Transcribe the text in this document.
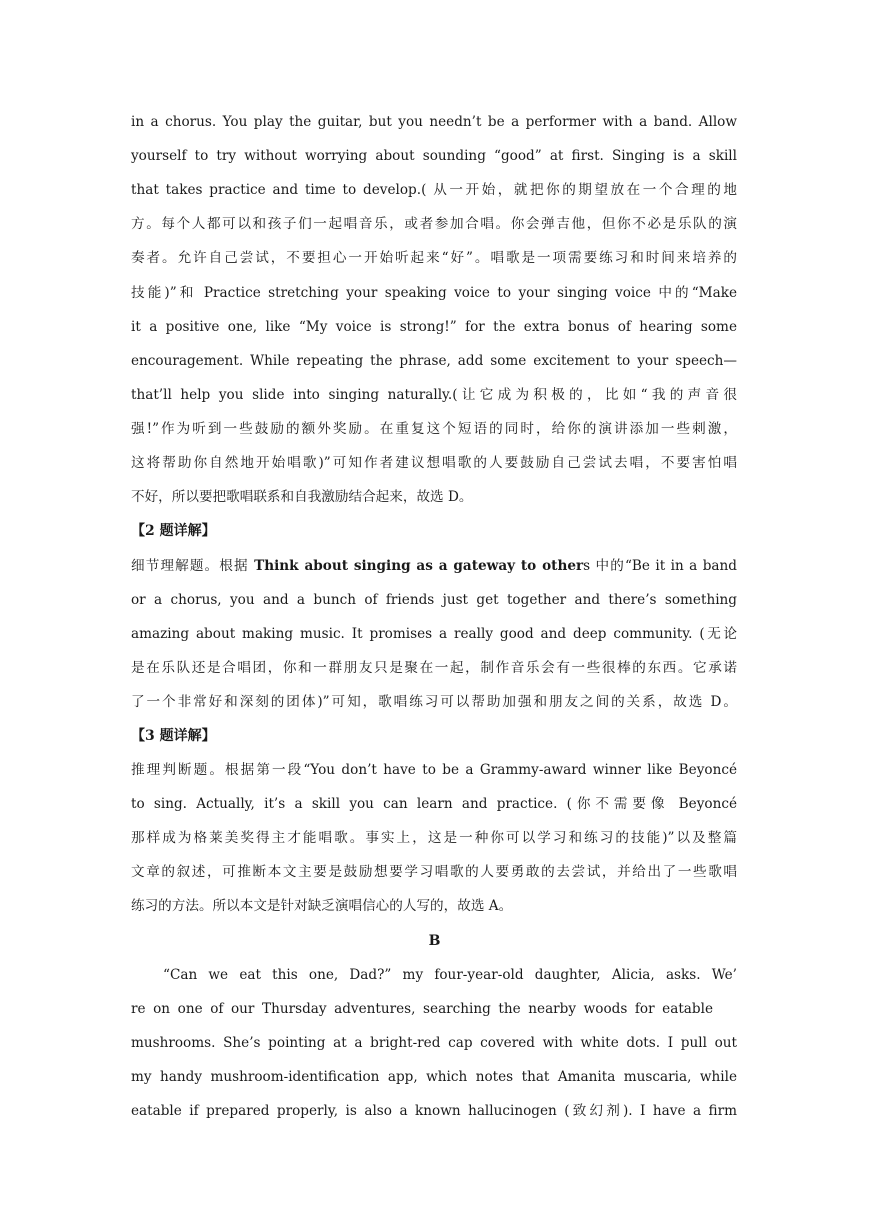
in a chorus. You play the guitar, but you needn’t be a performer with a band. Allow
yourself to try without worrying about sounding “good” at first. Singing is a skill
that takes practice and time to develop.( 从一开始，就把你的期望放在一个合理的地
方。每个人都可以和孩子们一起唱音乐，或者参加合唱。你会弹吉他，但你不必是乐队的演
奏者。允许自己尝试，不要担心一开始听起来“好”。唱歌是一项需要练习和时间来培养的
技能)”和 Practice stretching your speaking voice to your singing voice 中的“Make
it a positive one, like “My voice is strong!” for the extra bonus of hearing some
encouragement. While repeating the phrase, add some excitement to your speech—
that’ll help you slide into singing naturally.(让它成为积极的，比如“我的声音很
强!”作为听到一些鼓励的额外奖励。在重复这个短语的同时，给你的演讲添加一些刺激，
这将帮助你自然地开始唱歌)”可知作者建议想唱歌的人要鼓励自己尝试去唱，不要害怕唱
不好，所以要把歌唱联系和自我激励结合起来，故选 D。
【2 题详解】
细节理解题。根据 Think about singing as a gateway to others 中的“Be it in a band
or a chorus, you and a bunch of friends just get together and there’s something
amazing about making music. It promises a really good and deep community. (无论
是在乐队还是合唱团，你和一群朋友只是聚在一起，制作音乐会有一些很棒的东西。它承诺
了一个非常好和深刻的团体)”可知，歌唱练习可以帮助加强和朋友之间的关系，故选 D。
【3 题详解】
推理判断题。根据第一段“You don’t have to be a Grammy-award winner like Beyoncé
to sing. Actually, it’s a skill you can learn and practice. (你不需要像 Beyoncé
那样成为格莱美奖得主才能唱歌。事实上，这是一种你可以学习和练习的技能)”以及整篇
文章的叙述，可推断本文主要是鼓励想要学习唱歌的人要勇敢的去尝试，并给出了一些歌唱
练习的方法。所以本文是针对缺乏演唱信心的人写的，故选 A。
B
“Can we eat this one, Dad?” my four-year-old daughter, Alicia, asks. We’
re on one of our Thursday adventures, searching the nearby woods for eatable
mushrooms. She’s pointing at a bright-red cap covered with white dots. I pull out
my handy mushroom-identification app, which notes that Amanita muscaria, while
eatable if prepared properly, is also a known hallucinogen (致幻剂). I have a firm
